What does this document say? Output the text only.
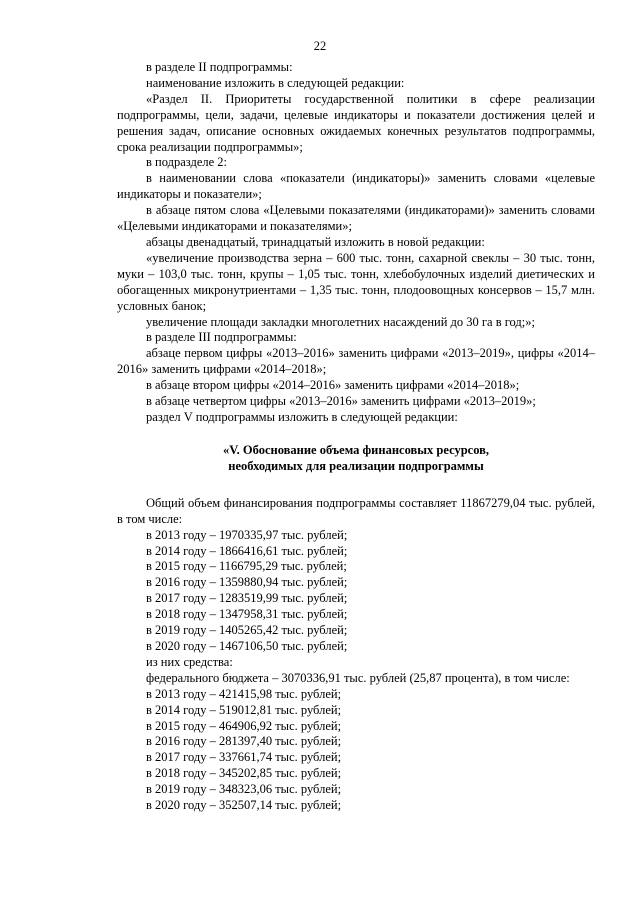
22

в разделе II подпрограммы:

наименование изложить в следующей редакции:

«Раздел II. Приоритеты государственной политики в сфере реализации подпрограммы, цели, задачи, целевые индикаторы и показатели достижения целей и решения задач, описание основных ожидаемых конечных результатов подпрограммы, срока реализации подпрограммы»;

в подразделе 2:

в наименовании слова «показатели (индикаторы)» заменить словами «целевые индикаторы и показатели»;

в абзаце пятом слова «Целевыми показателями (индикаторами)» заменить словами «Целевыми индикаторами и показателями»;

абзацы двенадцатый, тринадцатый изложить в новой редакции:

«увеличение производства зерна – 600 тыс. тонн, сахарной свеклы – 30 тыс. тонн, муки – 103,0 тыс. тонн, крупы – 1,05 тыс. тонн, хлебобулочных изделий диетических и обогащенных микронутриентами – 1,35 тыс. тонн, плодоовощных консервов – 15,7 млн. условных банок;

увеличение площади закладки многолетних насаждений до 30 га в год;»;

в разделе III подпрограммы:

абзаце первом цифры «2013–2016» заменить цифрами «2013–2019», цифры «2014–2016» заменить цифрами «2014–2018»;

в абзаце втором цифры «2014–2016» заменить цифрами «2014–2018»;

в абзаце четвертом цифры «2013–2016» заменить цифрами «2013–2019»;

раздел V подпрограммы изложить в следующей редакции:

«V. Обоснование объема финансовых ресурсов,
необходимых для реализации подпрограммы

Общий объем финансирования подпрограммы составляет 11867279,04 тыс. рублей, в том числе:

в 2013 году – 1970335,97 тыс. рублей;

в 2014 году – 1866416,61 тыс. рублей;

в 2015 году – 1166795,29 тыс. рублей;

в 2016 году – 1359880,94 тыс. рублей;

в 2017 году – 1283519,99 тыс. рублей;

в 2018 году – 1347958,31 тыс. рублей;

в 2019 году – 1405265,42 тыс. рублей;

в 2020 году – 1467106,50 тыс. рублей;

из них средства:

федерального бюджета – 3070336,91 тыс. рублей (25,87 процента), в том числе:

в 2013 году – 421415,98 тыс. рублей;

в 2014 году – 519012,81 тыс. рублей;

в 2015 году – 464906,92 тыс. рублей;

в 2016 году – 281397,40 тыс. рублей;

в 2017 году – 337661,74 тыс. рублей;

в 2018 году – 345202,85 тыс. рублей;

в 2019 году – 348323,06 тыс. рублей;

в 2020 году – 352507,14 тыс. рублей;
